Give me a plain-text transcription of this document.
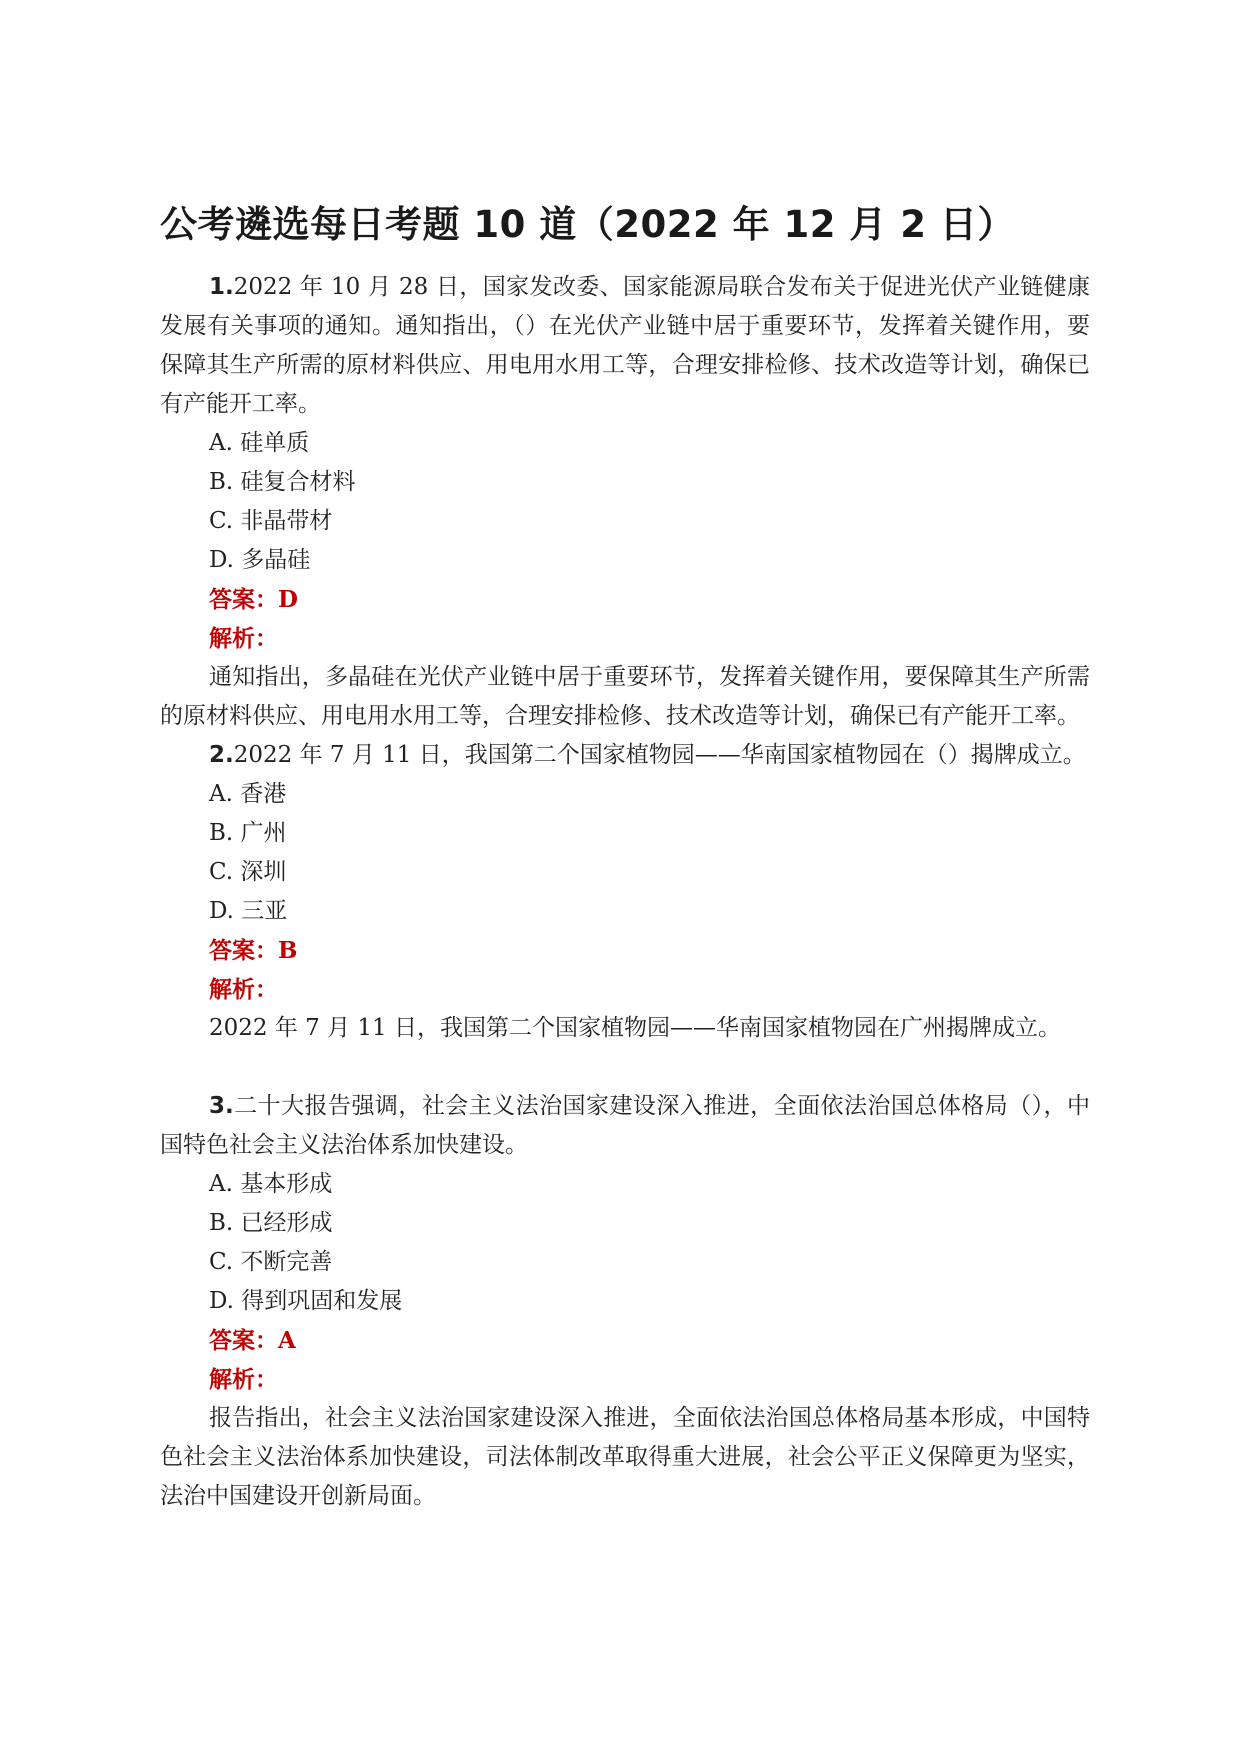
公考遴选每日考题 10 道（2022 年 12 月 2 日）

1.2022 年 10 月 28 日，国家发改委、国家能源局联合发布关于促进光伏产业链健康发展有关事项的通知。通知指出，（）在光伏产业链中居于重要环节，发挥着关键作用，要保障其生产所需的原材料供应、用电用水用工等，合理安排检修、技术改造等计划，确保已有产能开工率。

A. 硅单质

B. 硅复合材料

C. 非晶带材

D. 多晶硅

答案：D

解析：

通知指出，多晶硅在光伏产业链中居于重要环节，发挥着关键作用，要保障其生产所需的原材料供应、用电用水用工等，合理安排检修、技术改造等计划，确保已有产能开工率。

2.2022 年 7 月 11 日，我国第二个国家植物园——华南国家植物园在（）揭牌成立。

A. 香港

B. 广州

C. 深圳

D. 三亚

答案：B

解析：

2022 年 7 月 11 日，我国第二个国家植物园——华南国家植物园在广州揭牌成立。

3.二十大报告强调，社会主义法治国家建设深入推进，全面依法治国总体格局（），中国特色社会主义法治体系加快建设。

A. 基本形成

B. 已经形成

C. 不断完善

D. 得到巩固和发展

答案：A

解析：

报告指出，社会主义法治国家建设深入推进，全面依法治国总体格局基本形成，中国特色社会主义法治体系加快建设，司法体制改革取得重大进展，社会公平正义保障更为坚实，法治中国建设开创新局面。
